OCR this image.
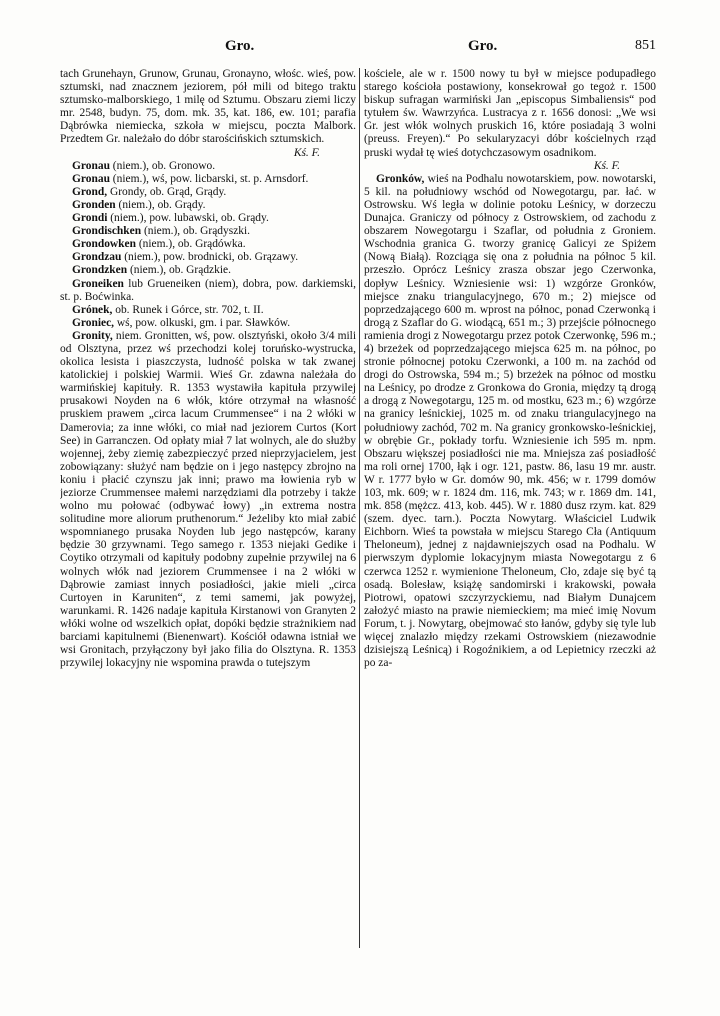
Gro.	Gro.	851

tach Grunehayn, Grunow, Grunau, Gronayno, włośc. wieś, pow. sztumski, nad znacznem jeziorem, pół mili od bitego traktu sztumsko-malborskiego, 1 milę od Sztumu. Obszaru ziemi liczy mr. 2548, budyn. 75, dom. mk. 35, kat. 186, ew. 101; parafia Dąbrówka niemiecka, szkoła w miejscu, poczta Malbork. Przedtem Gr. należało do dóbr starościńskich sztumskich.
Kś. F.

Gronau (niem.), ob. Gronowo.

Gronau (niem.), wś, pow. licbarski, st. p. Arnsdorf.

Grond, Grondy, ob. Grąd, Grądy.

Gronden (niem.), ob. Grądy.

Grondi (niem.), pow. lubawski, ob. Grądy.

Grondischken (niem.), ob. Grądyszki.

Grondowken (niem.), ob. Grądówka.

Grondzau (niem.), pow. brodnicki, ob. Grązawy.

Grondzken (niem.), ob. Grądzkie.

Groneiken lub Grueneiken (niem), dobra, pow. darkiemski, st. p. Boćwinka.

Grónek, ob. Runek i Górce, str. 702, t. II.

Groniec, wś, pow. olkuski, gm. i par. Sławków.

Gronity, niem. Gronitten, wś, pow. olsztyński, około 3/4 mili od Olsztyna, przez wś przechodzi kolej toruńsko-wystrucka, okolica lesista i piaszczysta, ludność polska w tak zwanej katolickiej i polskiej Warmii. Wieś Gr. zdawna należała do warmińskiej kapituły. R. 1353 wystawiła kapituła przywilej prusakowi Noyden na 6 włók, które otrzymał na własność pruskiem prawem „circa lacum Crummensee“ i na 2 włóki w Damerovia; za inne włóki, co miał nad jeziorem Curtos (Kort See) in Garranczen. Od opłaty miał 7 lat wolnych, ale do służby wojennej, żeby ziemię zabezpieczyć przed nieprzyjacielem, jest zobowiązany: służyć nam będzie on i jego następcy zbrojno na koniu i płacić czynszu jak inni; prawo ma łowienia ryb w jeziorze Crummensee małemi narzędziami dla potrzeby i także wolno mu połować (odbywać łowy) „in extrema nostra solitudine more aliorum pruthenorum.“ Jeżeliby kto miał zabić wspomnianego prusaka Noyden lub jego następców, karany będzie 30 grzywnami. Tego samego r. 1353 niejaki Gedike i Coytiko otrzymali od kapituły podobny zupełnie przywilej na 6 wolnych włók nad jeziorem Crummensee i na 2 włóki w Dąbrowie zamiast innych posiadłości, jakie mieli „circa Curtoyen in Karuniten“, z temi samemi, jak powyżej, warunkami. R. 1426 nadaje kapituła Kirstanowi von Granyten 2 włóki wolne od wszelkich opłat, dopóki będzie strażnikiem nad barciami kapitulnemi (Bienenwart). Kościół odawna istniał we wsi Gronitach, przyłączony był jako filia do Olsztyna. R. 1353 przywilej lokacyjny nie wspomina prawda o tutejszym

kościele, ale w r. 1500 nowy tu był w miejsce podupadłego starego kościoła postawiony, konsekrował go tegoż r. 1500 biskup sufragan warmiński Jan „episcopus Simbaliensis“ pod tytułem św. Wawrzyńca. Lustracya z r. 1656 donosi: „We wsi Gr. jest włók wolnych pruskich 16, które posiadają 3 wolni (preuss. Freyen).“ Po sekularyzacyi dóbr kościelnych rząd pruski wydał tę wieś dotychczasowym osadnikom.
Kś. F.

Gronków, wieś na Podhalu nowotarskiem, pow. nowotarski, 5 kil. na południowy wschód od Nowegotargu, par. łać. w Ostrowsku. Wś legła w dolinie potoku Leśnicy, w dorzeczu Dunajca. Graniczy od północy z Ostrowskiem, od zachodu z obszarem Nowegotargu i Szaflar, od południa z Groniem. Wschodnia granica G. tworzy granicę Galicyi ze Spiżem (Nową Białą). Rozciąga się ona z południa na północ 5 kil. przeszło. Oprócz Leśnicy zrasza obszar jego Czerwonka, dopływ Leśnicy. Wzniesienie wsi: 1) wzgórze Gronków, miejsce znaku triangulacyjnego, 670 m.; 2) miejsce od poprzedzającego 600 m. wprost na północ, ponad Czerwonką i drogą z Szaflar do G. wiodącą, 651 m.; 3) przejście północnego ramienia drogi z Nowegotargu przez potok Czerwonkę, 596 m.; 4) brzeżek od poprzedzającego miejsca 625 m. na północ, po stronie północnej potoku Czerwonki, a 100 m. na zachód od drogi do Ostrowska, 594 m.; 5) brzeżek na północ od mostku na Leśnicy, po drodze z Gronkowa do Gronia, między tą drogą a drogą z Nowegotargu, 125 m. od mostku, 623 m.; 6) wzgórze na granicy leśnickiej, 1025 m. od znaku triangulacyjnego na południowy zachód, 702 m. Na granicy gronkowsko-leśnickiej, w obrębie Gr., pokłady torfu. Wzniesienie ich 595 m. npm. Obszaru większej posiadłości nie ma. Mniejsza zaś posiadłość ma roli ornej 1700, łąk i ogr. 121, pastw. 86, lasu 19 mr. austr. W r. 1777 było w Gr. domów 90, mk. 456; w r. 1799 domów 103, mk. 609; w r. 1824 dm. 116, mk. 743; w r. 1869 dm. 141, mk. 858 (mężcz. 413, kob. 445). W r. 1880 dusz rzym. kat. 829 (szem. dyec. tarn.). Poczta Nowytarg. Właściciel Ludwik Eichborn. Wieś ta powstała w miejscu Starego Cła (Antiquum Theloneum), jednej z najdawniejszych osad na Podhalu. W pierwszym dyplomie lokacyjnym miasta Nowegotargu z 6 czerwca 1252 r. wymienione Theloneum, Cło, zdaje się być tą osadą. Bolesław, książę sandomirski i krakowski, powała Piotrowi, opatowi szczyrzyckiemu, nad Białym Dunajcem założyć miasto na prawie niemieckiem; ma mieć imię Novum Forum, t. j. Nowytarg, obejmować sto łanów, gdyby się tyle lub więcej znalazło między rzekami Ostrowskiem (niezawodnie dzisiejszą Leśnicą) i Rogoźnikiem, a od Lepietnicy rzeczki aż po za-
